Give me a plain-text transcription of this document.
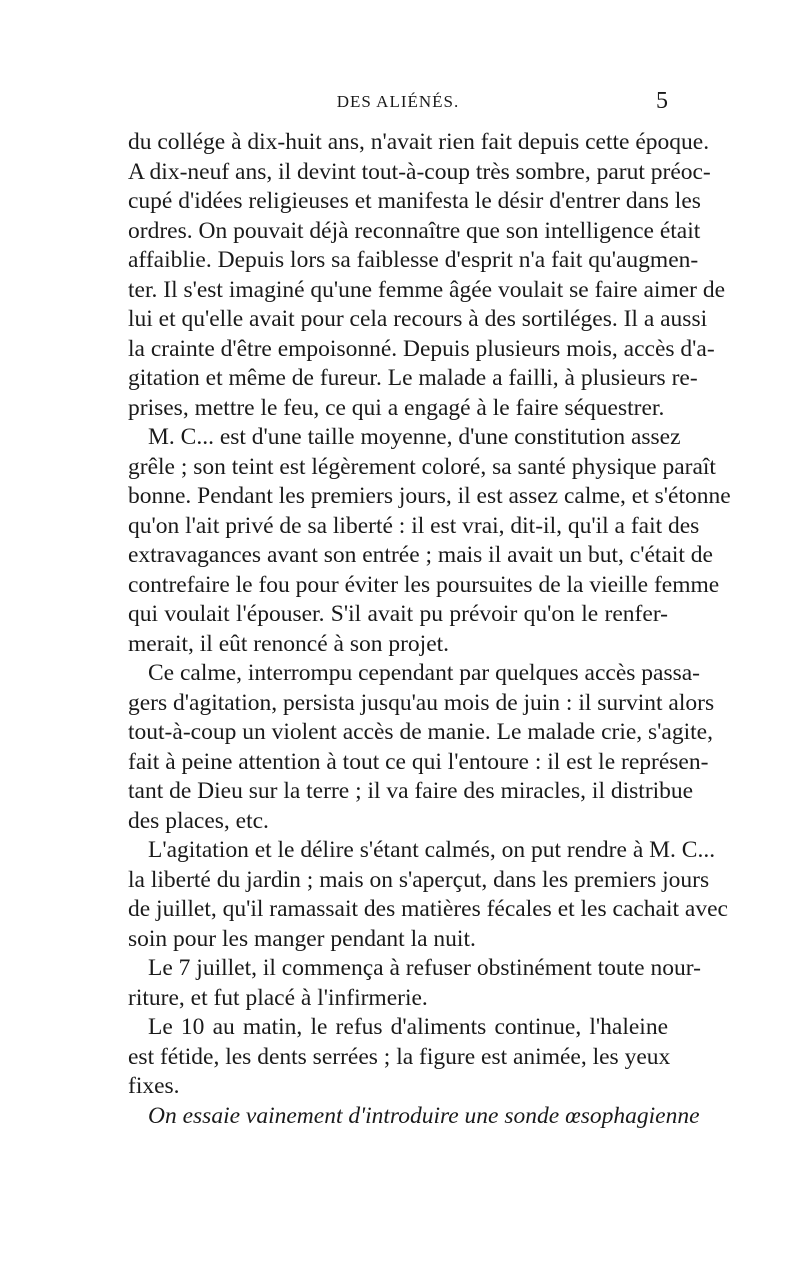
DES ALIÉNÉS.	5
du collége à dix-huit ans, n'avait rien fait depuis cette époque.
A dix-neuf ans, il devint tout-à-coup très sombre, parut préoc-
cupé d'idées religieuses et manifesta le désir d'entrer dans les
ordres. On pouvait déjà reconnaître que son intelligence était
affaiblie. Depuis lors sa faiblesse d'esprit n'a fait qu'augmen-
ter. Il s'est imaginé qu'une femme âgée voulait se faire aimer de
lui et qu'elle avait pour cela recours à des sortiléges. Il a aussi
la crainte d'être empoisonné. Depuis plusieurs mois, accès d'a-
gitation et même de fureur. Le malade a failli, à plusieurs re-
prises, mettre le feu, ce qui a engagé à le faire séquestrer.
M. C... est d'une taille moyenne, d'une constitution assez
grêle ; son teint est légèrement coloré, sa santé physique paraît
bonne. Pendant les premiers jours, il est assez calme, et s'étonne
qu'on l'ait privé de sa liberté : il est vrai, dit-il, qu'il a fait des
extravagances avant son entrée ; mais il avait un but, c'était de
contrefaire le fou pour éviter les poursuites de la vieille femme
qui voulait l'épouser. S'il avait pu prévoir qu'on le renfer-
merait, il eût renoncé à son projet.
Ce calme, interrompu cependant par quelques accès passa-
gers d'agitation, persista jusqu'au mois de juin : il survint alors
tout-à-coup un violent accès de manie. Le malade crie, s'agite,
fait à peine attention à tout ce qui l'entoure : il est le représen-
tant de Dieu sur la terre ; il va faire des miracles, il distribue
des places, etc.
L'agitation et le délire s'étant calmés, on put rendre à M. C...
la liberté du jardin ; mais on s'aperçut, dans les premiers jours
de juillet, qu'il ramassait des matières fécales et les cachait avec
soin pour les manger pendant la nuit.
Le 7 juillet, il commença à refuser obstinément toute nour-
riture, et fut placé à l'infirmerie.
Le 10 au matin, le refus d'aliments continue, l'haleine
est fétide, les dents serrées ; la figure est animée, les yeux
fixes.
On essaie vainement d'introduire une sonde œsophagienne
